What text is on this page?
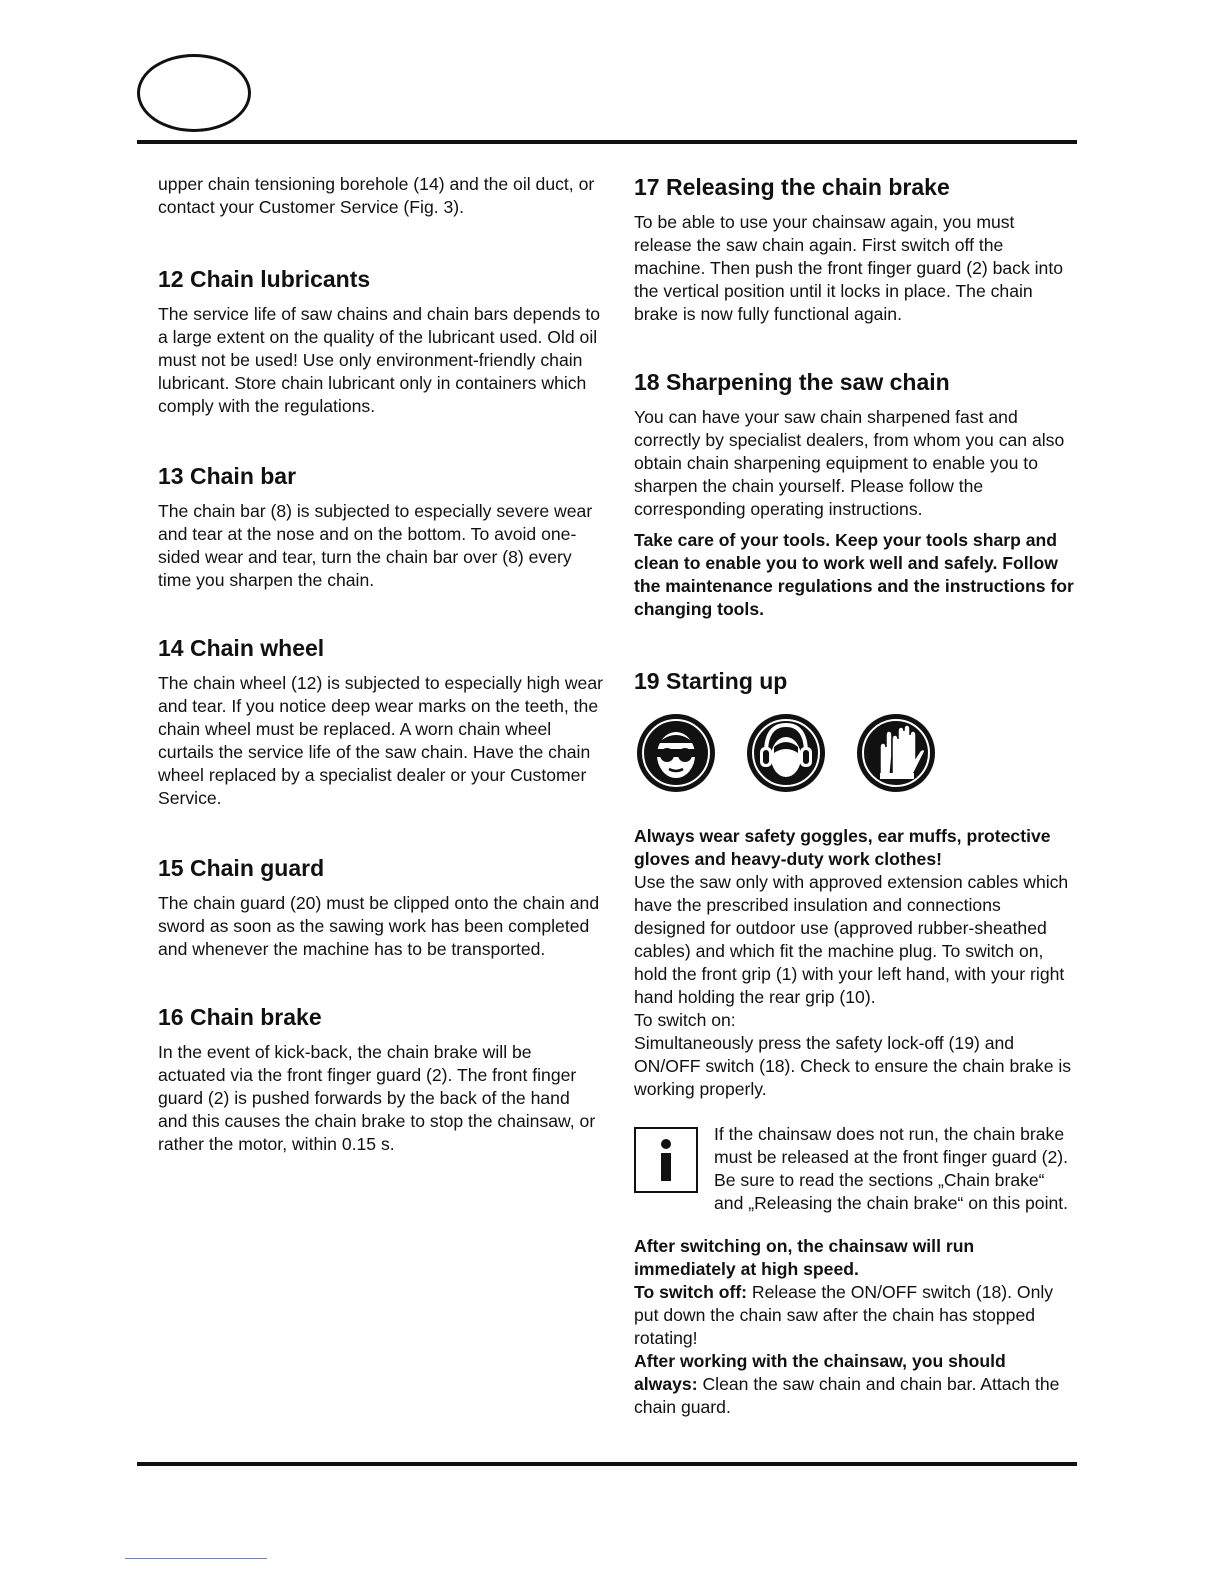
upper chain tensioning borehole (14) and the oil duct, or contact your Customer Service (Fig. 3).

12 Chain lubricants

The service life of saw chains and chain bars depends to a large extent on the quality of the lubricant used. Old oil must not be used! Use only environment-friendly chain lubricant. Store chain lubricant only in containers which comply with the regulations.

13 Chain bar

The chain bar (8) is subjected to especially severe wear and tear at the nose and on the bottom. To avoid one-sided wear and tear, turn the chain bar over (8) every time you sharpen the chain.

14 Chain wheel

The chain wheel (12) is subjected to especially high wear and tear. If you notice deep wear marks on the teeth, the chain wheel must be replaced. A worn chain wheel curtails the service life of the saw chain. Have the chain wheel replaced by a specialist dealer or your Customer Service.

15 Chain guard

The chain guard (20) must be clipped onto the chain and sword as soon as the sawing work has been completed and whenever the machine has to be transported.

16 Chain brake

In the event of kick-back, the chain brake will be actuated via the front finger guard (2). The front finger guard (2) is pushed forwards by the back of the hand and this causes the chain brake to stop the chainsaw, or rather the motor, within 0.15 s.

17 Releasing the chain brake

To be able to use your chainsaw again, you must release the saw chain again. First switch off the machine. Then push the front finger guard (2) back into the vertical position until it locks in place. The chain brake is now fully functional again.

18 Sharpening the saw chain

You can have your saw chain sharpened fast and correctly by specialist dealers, from whom you can also obtain chain sharpening equipment to enable you to sharpen the chain yourself. Please follow the corresponding operating instructions.

Take care of your tools. Keep your tools sharp and clean to enable you to work well and safely. Follow the maintenance regulations and the instructions for changing tools.

19 Starting up

Always wear safety goggles, ear muffs, protective gloves and heavy-duty work clothes!

Use the saw only with approved extension cables which have the prescribed insulation and connections designed for outdoor use (approved rubber-sheathed cables) and which fit the machine plug. To switch on, hold the front grip (1) with your left hand, with your right hand holding the rear grip (10).

To switch on:

Simultaneously press the safety lock-off (19) and ON/OFF switch (18). Check to ensure the chain brake is working properly.

If the chainsaw does not run, the chain brake must be released at the front finger guard (2). Be sure to read the sections „Chain brake“ and „Releasing the chain brake“ on this point.

After switching on, the chainsaw will run immediately at high speed.

To switch off: Release the ON/OFF switch (18). Only put down the chain saw after the chain has stopped rotating!

After working with the chainsaw, you should always: Clean the saw chain and chain bar. Attach the chain guard.
